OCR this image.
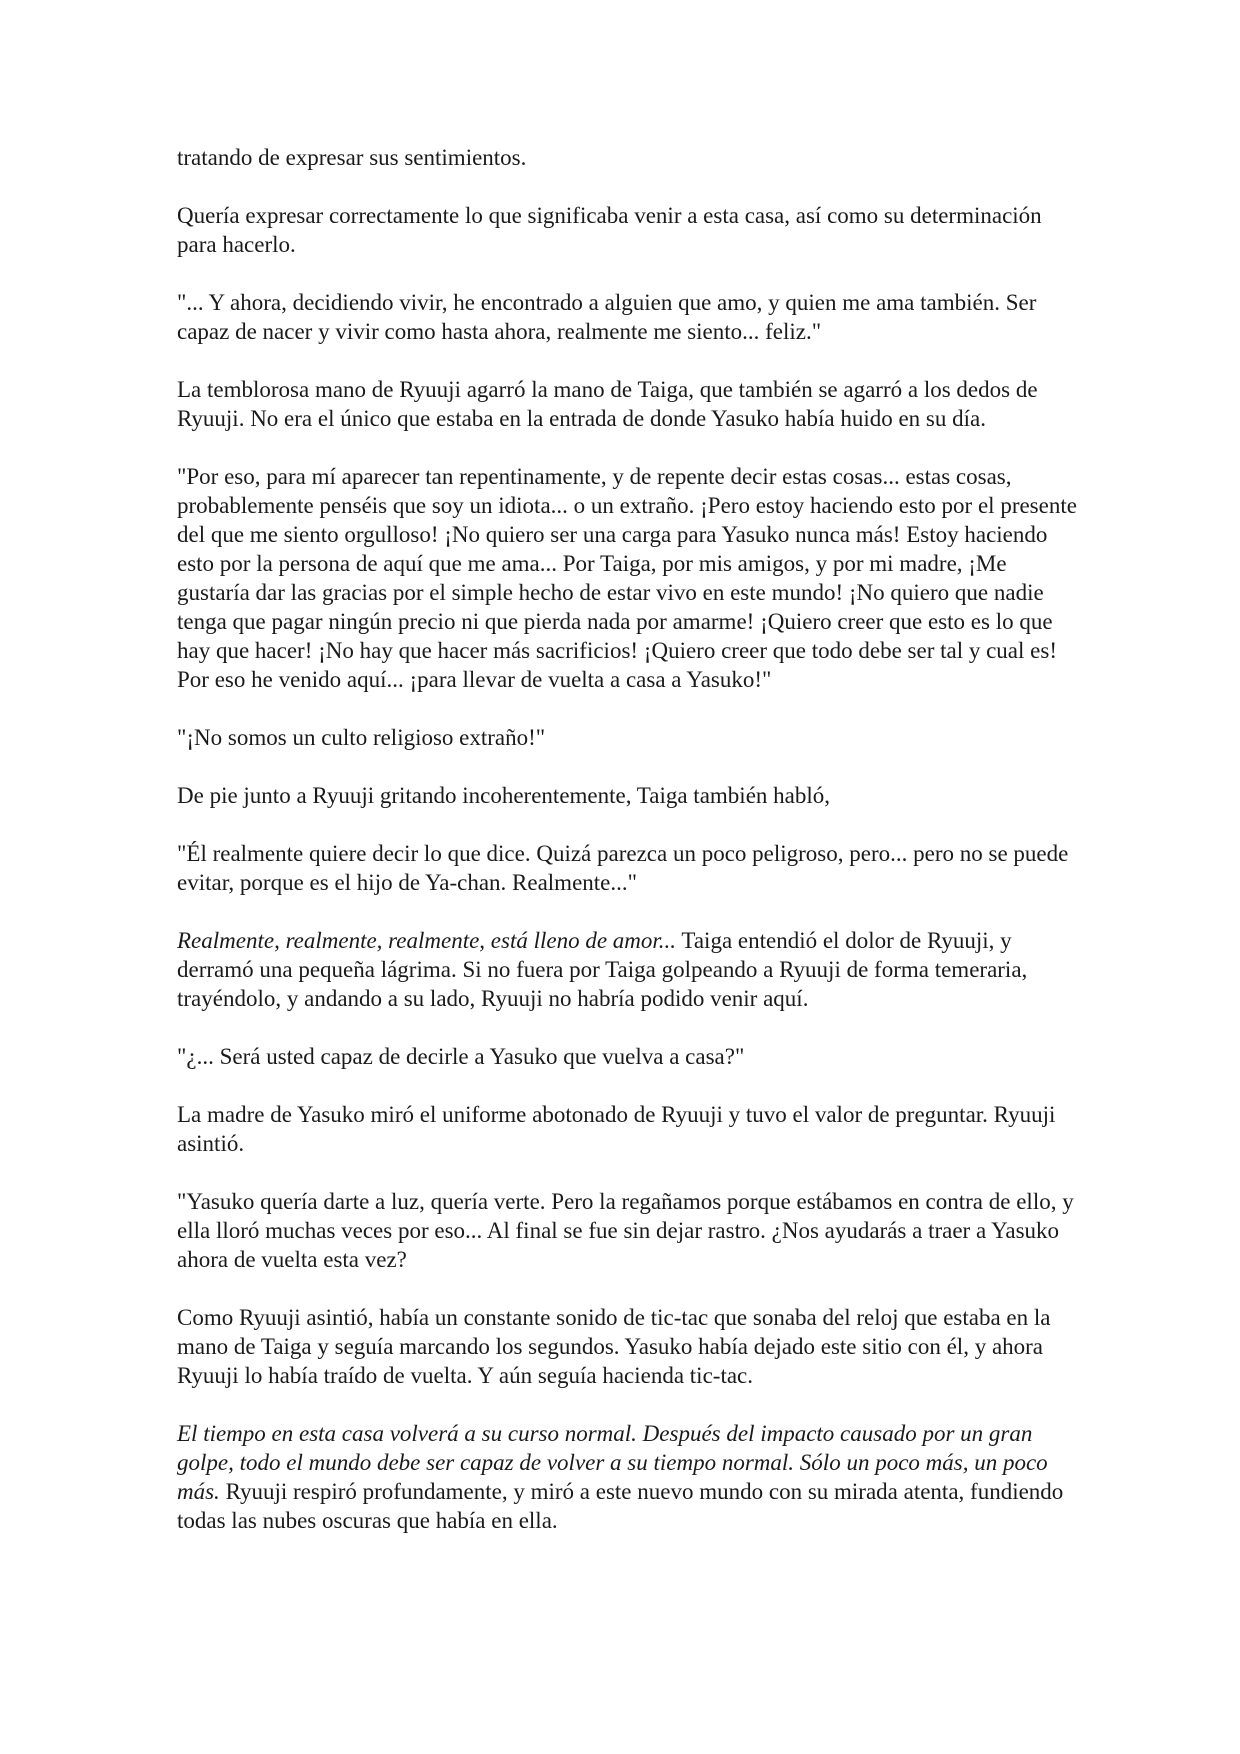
tratando de expresar sus sentimientos.

Quería expresar correctamente lo que significaba venir a esta casa, así como su determinación para hacerlo.

"... Y ahora, decidiendo vivir, he encontrado a alguien que amo, y quien me ama también. Ser capaz de nacer y vivir como hasta ahora, realmente me siento... feliz."

La temblorosa mano de Ryuuji agarró la mano de Taiga, que también se agarró a los dedos de Ryuuji. No era el único que estaba en la entrada de donde Yasuko había huido en su día.

"Por eso, para mí aparecer tan repentinamente, y de repente decir estas cosas... estas cosas, probablemente penséis que soy un idiota... o un extraño. ¡Pero estoy haciendo esto por el presente del que me siento orgulloso! ¡No quiero ser una carga para Yasuko nunca más! Estoy haciendo esto por la persona de aquí que me ama... Por Taiga, por mis amigos, y por mi madre, ¡Me gustaría dar las gracias por el simple hecho de estar vivo en este mundo! ¡No quiero que nadie tenga que pagar ningún precio ni que pierda nada por amarme! ¡Quiero creer que esto es lo que hay que hacer! ¡No hay que hacer más sacrificios! ¡Quiero creer que todo debe ser tal y cual es! Por eso he venido aquí... ¡para llevar de vuelta a casa a Yasuko!"

"¡No somos un culto religioso extraño!"

De pie junto a Ryuuji gritando incoherentemente, Taiga también habló,

"Él realmente quiere decir lo que dice. Quizá parezca un poco peligroso, pero... pero no se puede evitar, porque es el hijo de Ya-chan. Realmente..."

Realmente, realmente, realmente, está lleno de amor... Taiga entendió el dolor de Ryuuji, y derramó una pequeña lágrima. Si no fuera por Taiga golpeando a Ryuuji de forma temeraria, trayéndolo, y andando a su lado, Ryuuji no habría podido venir aquí.

"¿... Será usted capaz de decirle a Yasuko que vuelva a casa?"

La madre de Yasuko miró el uniforme abotonado de Ryuuji y tuvo el valor de preguntar. Ryuuji asintió.

"Yasuko quería darte a luz, quería verte. Pero la regañamos porque estábamos en contra de ello, y ella lloró muchas veces por eso... Al final se fue sin dejar rastro. ¿Nos ayudarás a traer a Yasuko ahora de vuelta esta vez?

Como Ryuuji asintió, había un constante sonido de tic-tac que sonaba del reloj que estaba en la mano de Taiga y seguía marcando los segundos. Yasuko había dejado este sitio con él, y ahora Ryuuji lo había traído de vuelta. Y aún seguía hacienda tic-tac.

El tiempo en esta casa volverá a su curso normal. Después del impacto causado por un gran golpe, todo el mundo debe ser capaz de volver a su tiempo normal. Sólo un poco más, un poco más. Ryuuji respiró profundamente, y miró a este nuevo mundo con su mirada atenta, fundiendo todas las nubes oscuras que había en ella.
